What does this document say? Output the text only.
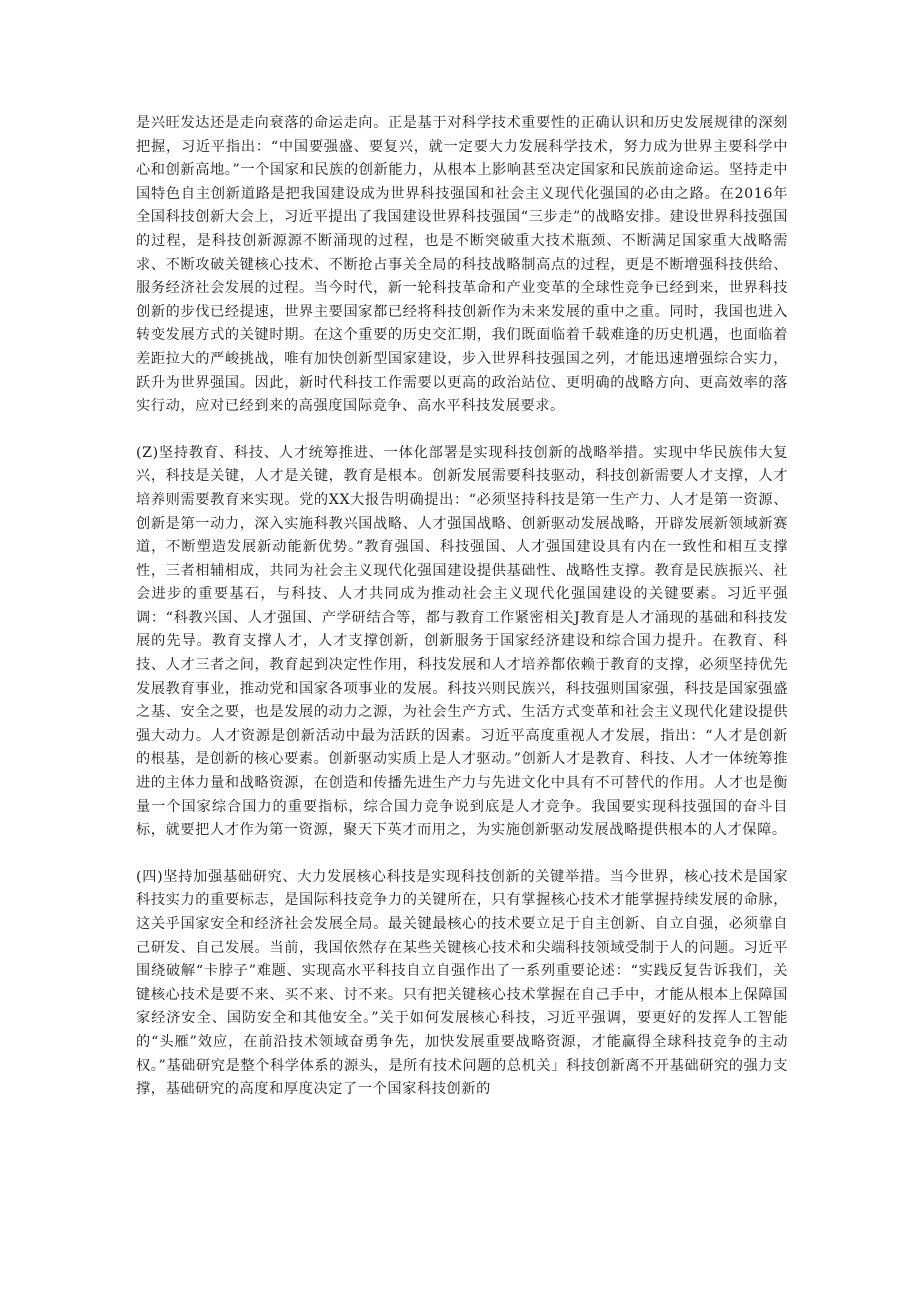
是兴旺发达还是走向衰落的命运走向。正是基于对科学技术重要性的正确认识和历史发展规律的深刻把握，习近平指出：“中国要强盛、要复兴，就一定要大力发展科学技术，努力成为世界主要科学中心和创新高地。”一个国家和民族的创新能力，从根本上影响甚至决定国家和民族前途命运。坚持走中国特色自主创新道路是把我国建设成为世界科技强国和社会主义现代化强国的必由之路。在2016年全国科技创新大会上，习近平提出了我国建设世界科技强国“三步走”的战略安排。建设世界科技强国的过程，是科技创新源源不断涌现的过程，也是不断突破重大技术瓶颈、不断满足国家重大战略需求、不断攻破关键核心技术、不断抢占事关全局的科技战略制高点的过程，更是不断增强科技供给、服务经济社会发展的过程。当今时代，新一轮科技革命和产业变革的全球性竞争已经到来，世界科技创新的步伐已经提速，世界主要国家都已经将科技创新作为未来发展的重中之重。同时，我国也进入转变发展方式的关键时期。在这个重要的历史交汇期，我们既面临着千载难逢的历史机遇，也面临着差距拉大的严峻挑战，唯有加快创新型国家建设，步入世界科技强国之列，才能迅速增强综合实力，跃升为世界强国。因此，新时代科技工作需要以更高的政治站位、更明确的战略方向、更高效率的落实行动，应对已经到来的高强度国际竞争、高水平科技发展要求。

(Z)坚持教育、科技、人才统筹推进、一体化部署是实现科技创新的战略举措。实现中华民族伟大复兴，科技是关键，人才是关键，教育是根本。创新发展需要科技驱动，科技创新需要人才支撑，人才培养则需要教育来实现。党的XX大报告明确提出：“必须坚持科技是第一生产力、人才是第一资源、创新是第一动力，深入实施科教兴国战略、人才强国战略、创新驱动发展战略，开辟发展新领域新赛道，不断塑造发展新动能新优势。”教育强国、科技强国、人才强国建设具有内在一致性和相互支撑性，三者相辅相成，共同为社会主义现代化强国建设提供基础性、战略性支撑。教育是民族振兴、社会进步的重要基石，与科技、人才共同成为推动社会主义现代化强国建设的关键要素。习近平强调：“科教兴国、人才强国、产学研结合等，都与教育工作紧密相关J教育是人才涌现的基础和科技发展的先导。教育支撑人才，人才支撑创新，创新服务于国家经济建设和综合国力提升。在教育、科技、人才三者之间，教育起到决定性作用，科技发展和人才培养都依赖于教育的支撑，必须坚持优先发展教育事业，推动党和国家各项事业的发展。科技兴则民族兴，科技强则国家强，科技是国家强盛之基、安全之要，也是发展的动力之源，为社会生产方式、生活方式变革和社会主义现代化建设提供强大动力。人才资源是创新活动中最为活跃的因素。习近平高度重视人才发展，指出：“人才是创新的根基，是创新的核心要素。创新驱动实质上是人才驱动。”创新人才是教育、科技、人才一体统筹推进的主体力量和战略资源，在创造和传播先进生产力与先进文化中具有不可替代的作用。人才也是衡量一个国家综合国力的重要指标，综合国力竞争说到底是人才竞争。我国要实现科技强国的奋斗目标，就要把人才作为第一资源，聚天下英才而用之，为实施创新驱动发展战略提供根本的人才保障。

(四)坚持加强基础研究、大力发展核心科技是实现科技创新的关键举措。当今世界，核心技术是国家科技实力的重要标志，是国际科技竞争力的关键所在，只有掌握核心技术才能掌握持续发展的命脉，这关乎国家安全和经济社会发展全局。最关键最核心的技术要立足于自主创新、自立自强，必须靠自己研发、自己发展。当前，我国依然存在某些关键核心技术和尖端科技领域受制于人的问题。习近平围绕破解“卡脖子”难题、实现高水平科技自立自强作出了一系列重要论述：“实践反复告诉我们，关键核心技术是要不来、买不来、讨不来。只有把关键核心技术掌握在自己手中，才能从根本上保障国家经济安全、国防安全和其他安全。”关于如何发展核心科技，习近平强调，要更好的发挥人工智能的“头雁”效应，在前沿技术领域奋勇争先，加快发展重要战略资源，才能赢得全球科技竞争的主动权。”基础研究是整个科学体系的源头，是所有技术问题的总机关」科技创新离不开基础研究的强力支撑，基础研究的高度和厚度决定了一个国家科技创新的
